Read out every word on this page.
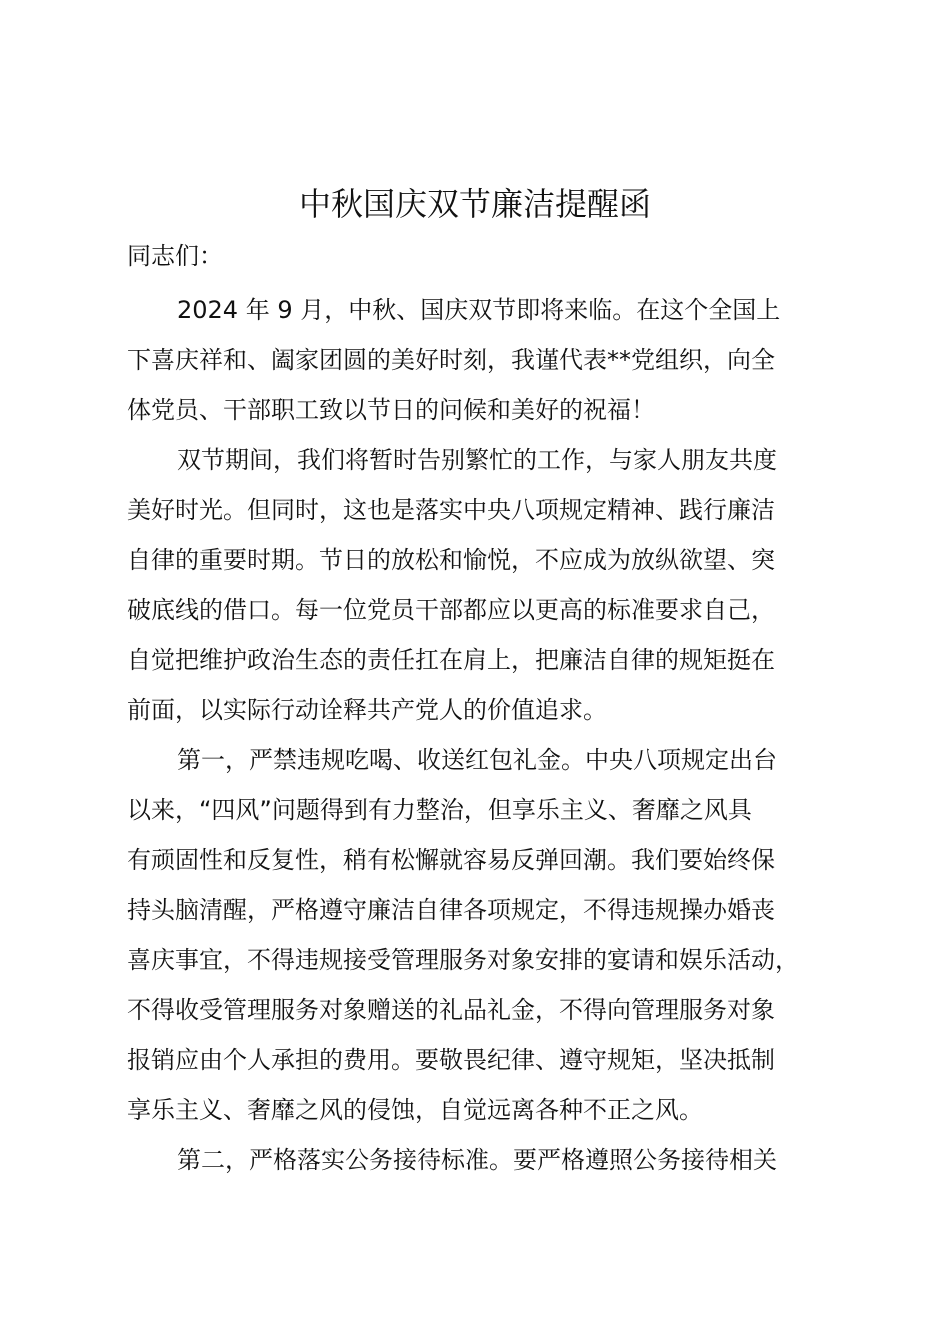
中秋国庆双节廉洁提醒函
同志们：
2024 年 9 月，中秋、国庆双节即将来临。在这个全国上
下喜庆祥和、阖家团圆的美好时刻，我谨代表**党组织，向全
体党员、干部职工致以节日的问候和美好的祝福！
双节期间，我们将暂时告别繁忙的工作，与家人朋友共度
美好时光。但同时，这也是落实中央八项规定精神、践行廉洁
自律的重要时期。节日的放松和愉悦，不应成为放纵欲望、突
破底线的借口。每一位党员干部都应以更高的标准要求自己，
自觉把维护政治生态的责任扛在肩上，把廉洁自律的规矩挺在
前面，以实际行动诠释共产党人的价值追求。
第一，严禁违规吃喝、收送红包礼金。中央八项规定出台
以来，“四风”问题得到有力整治，但享乐主义、奢靡之风具
有顽固性和反复性，稍有松懈就容易反弹回潮。我们要始终保
持头脑清醒，严格遵守廉洁自律各项规定，不得违规操办婚丧
喜庆事宜，不得违规接受管理服务对象安排的宴请和娱乐活动，
不得收受管理服务对象赠送的礼品礼金，不得向管理服务对象
报销应由个人承担的费用。要敬畏纪律、遵守规矩，坚决抵制
享乐主义、奢靡之风的侵蚀，自觉远离各种不正之风。
第二，严格落实公务接待标准。要严格遵照公务接待相关
